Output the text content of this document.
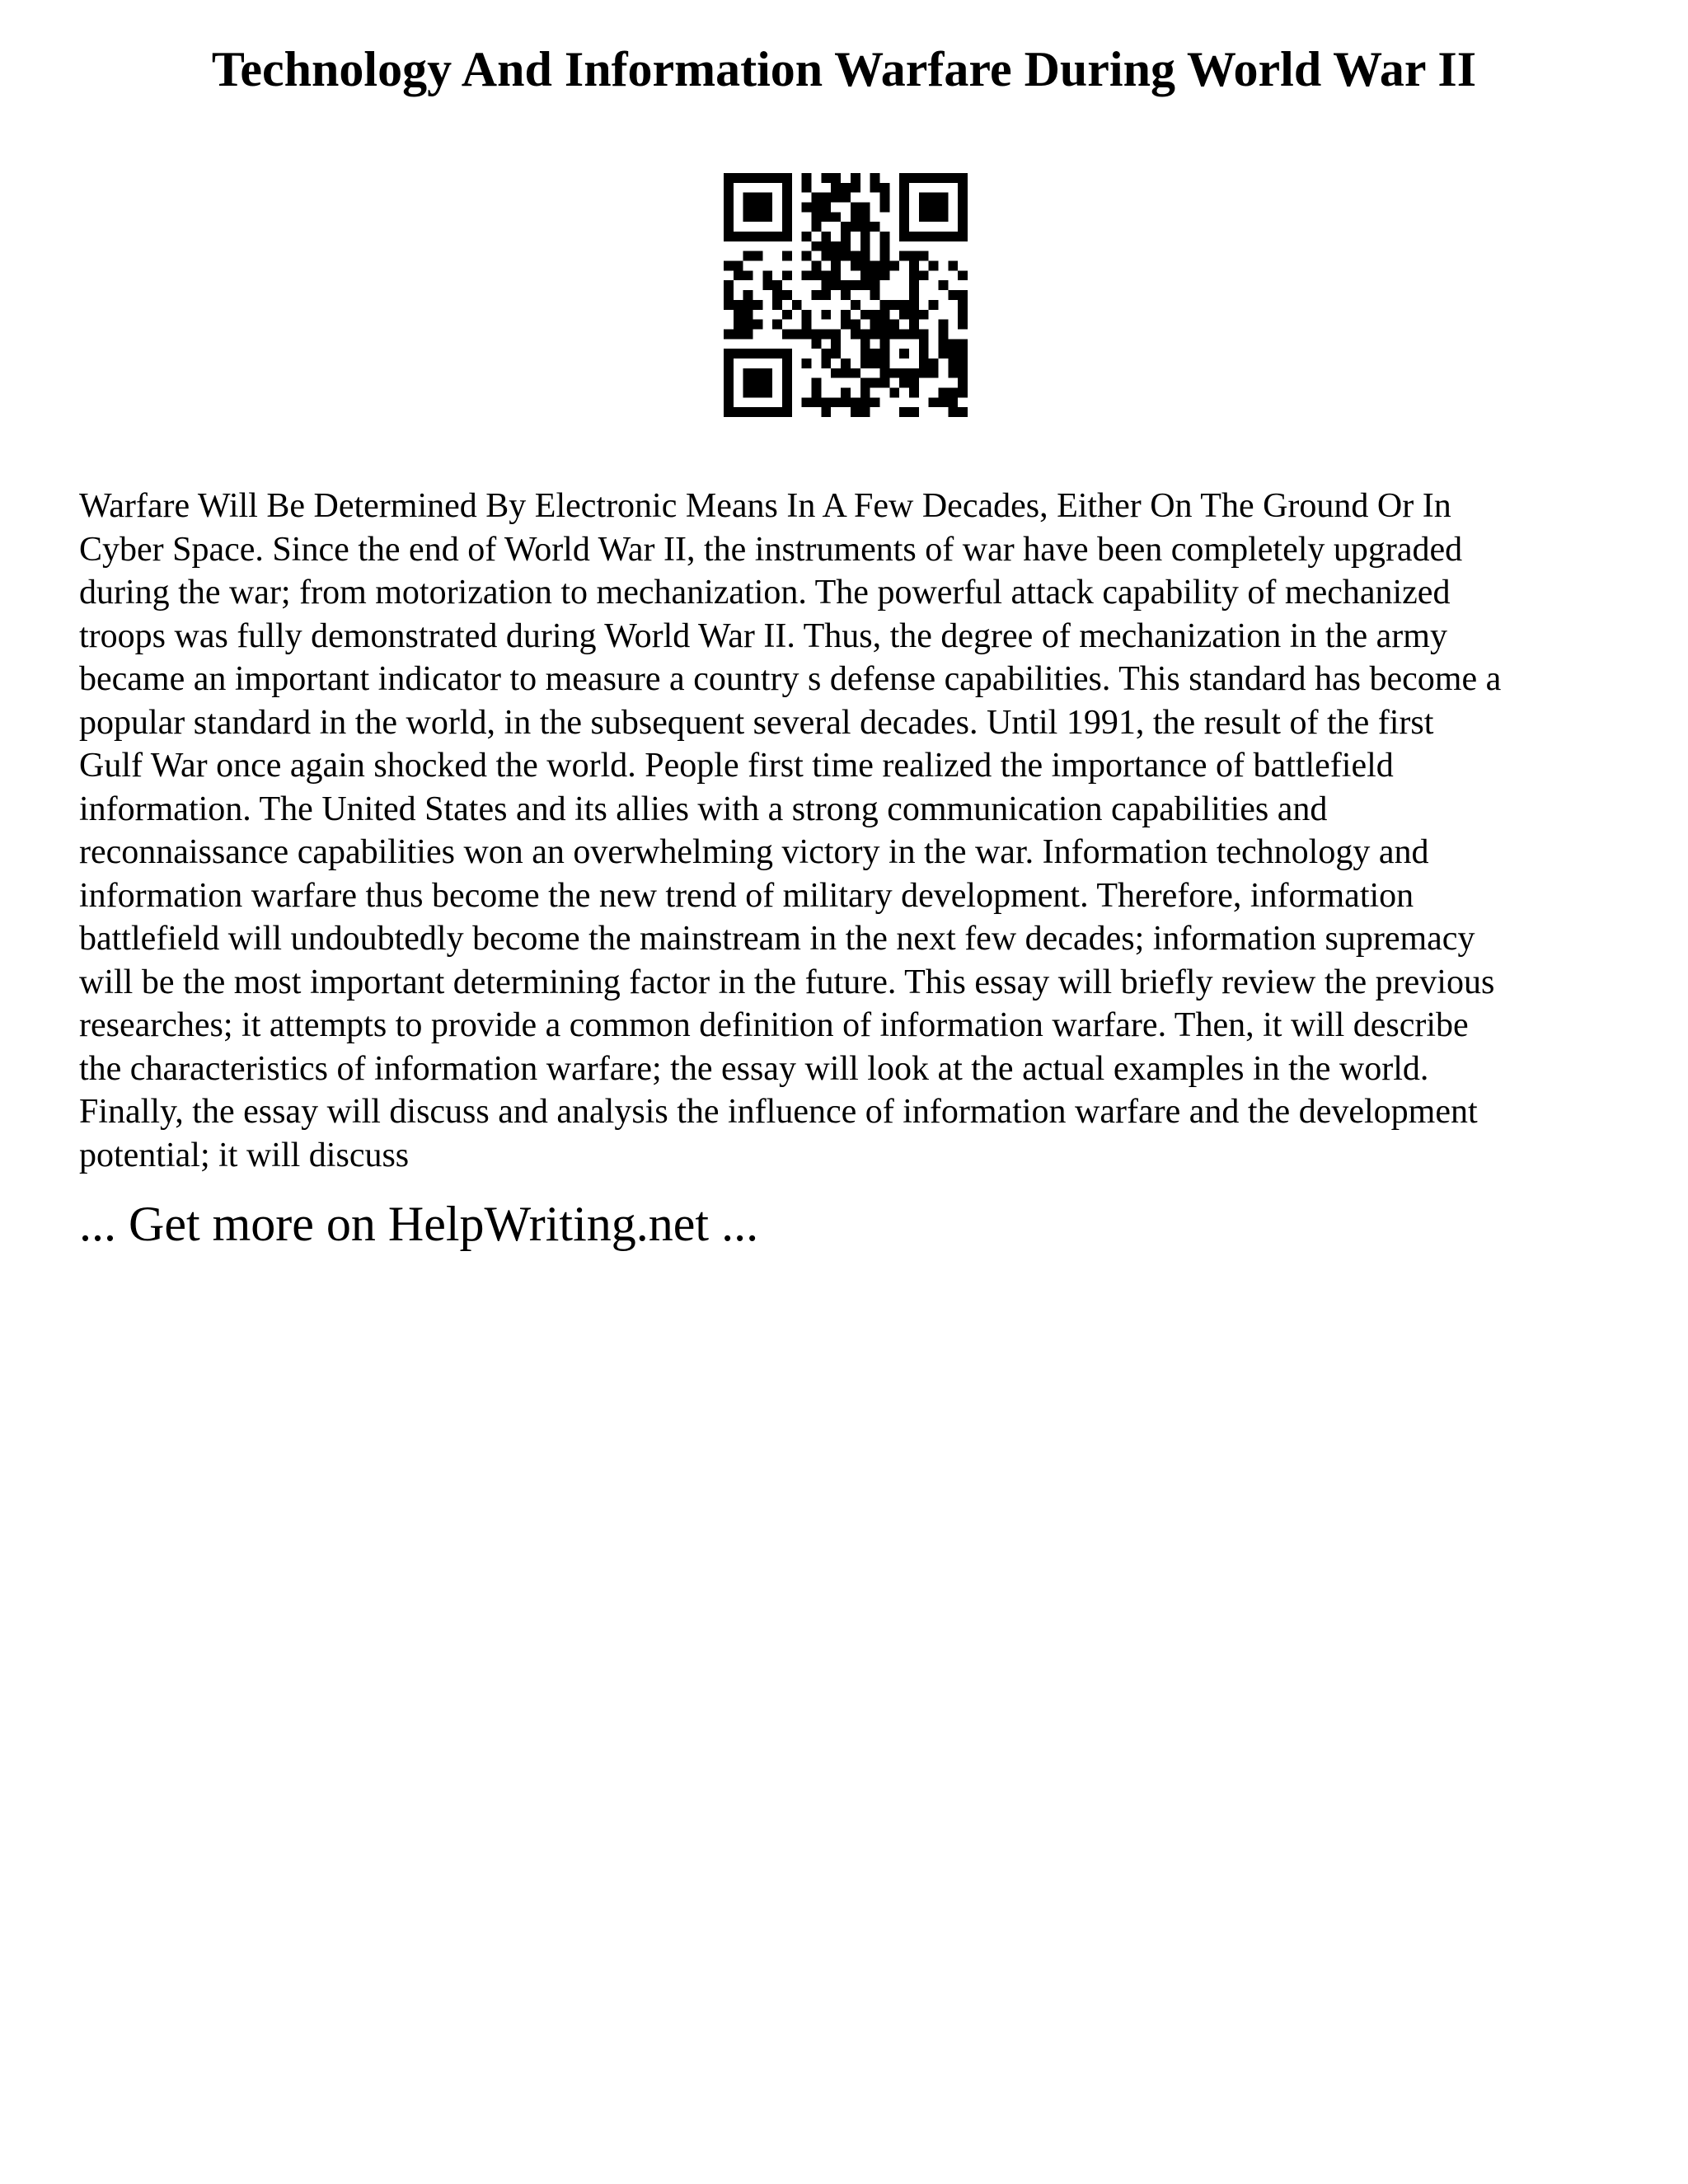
Technology And Information Warfare During World War II
Warfare Will Be Determined By Electronic Means In A Few Decades, Either On The Ground Or In
Cyber Space. Since the end of World War II, the instruments of war have been completely upgraded
during the war; from motorization to mechanization. The powerful attack capability of mechanized
troops was fully demonstrated during World War II. Thus, the degree of mechanization in the army
became an important indicator to measure a country s defense capabilities. This standard has become a
popular standard in the world, in the subsequent several decades. Until 1991, the result of the first
Gulf War once again shocked the world. People first time realized the importance of battlefield
information. The United States and its allies with a strong communication capabilities and
reconnaissance capabilities won an overwhelming victory in the war. Information technology and
information warfare thus become the new trend of military development. Therefore, information
battlefield will undoubtedly become the mainstream in the next few decades; information supremacy
will be the most important determining factor in the future. This essay will briefly review the previous
researches; it attempts to provide a common definition of information warfare. Then, it will describe
the characteristics of information warfare; the essay will look at the actual examples in the world.
Finally, the essay will discuss and analysis the influence of information warfare and the development
potential; it will discuss
... Get more on HelpWriting.net ...
